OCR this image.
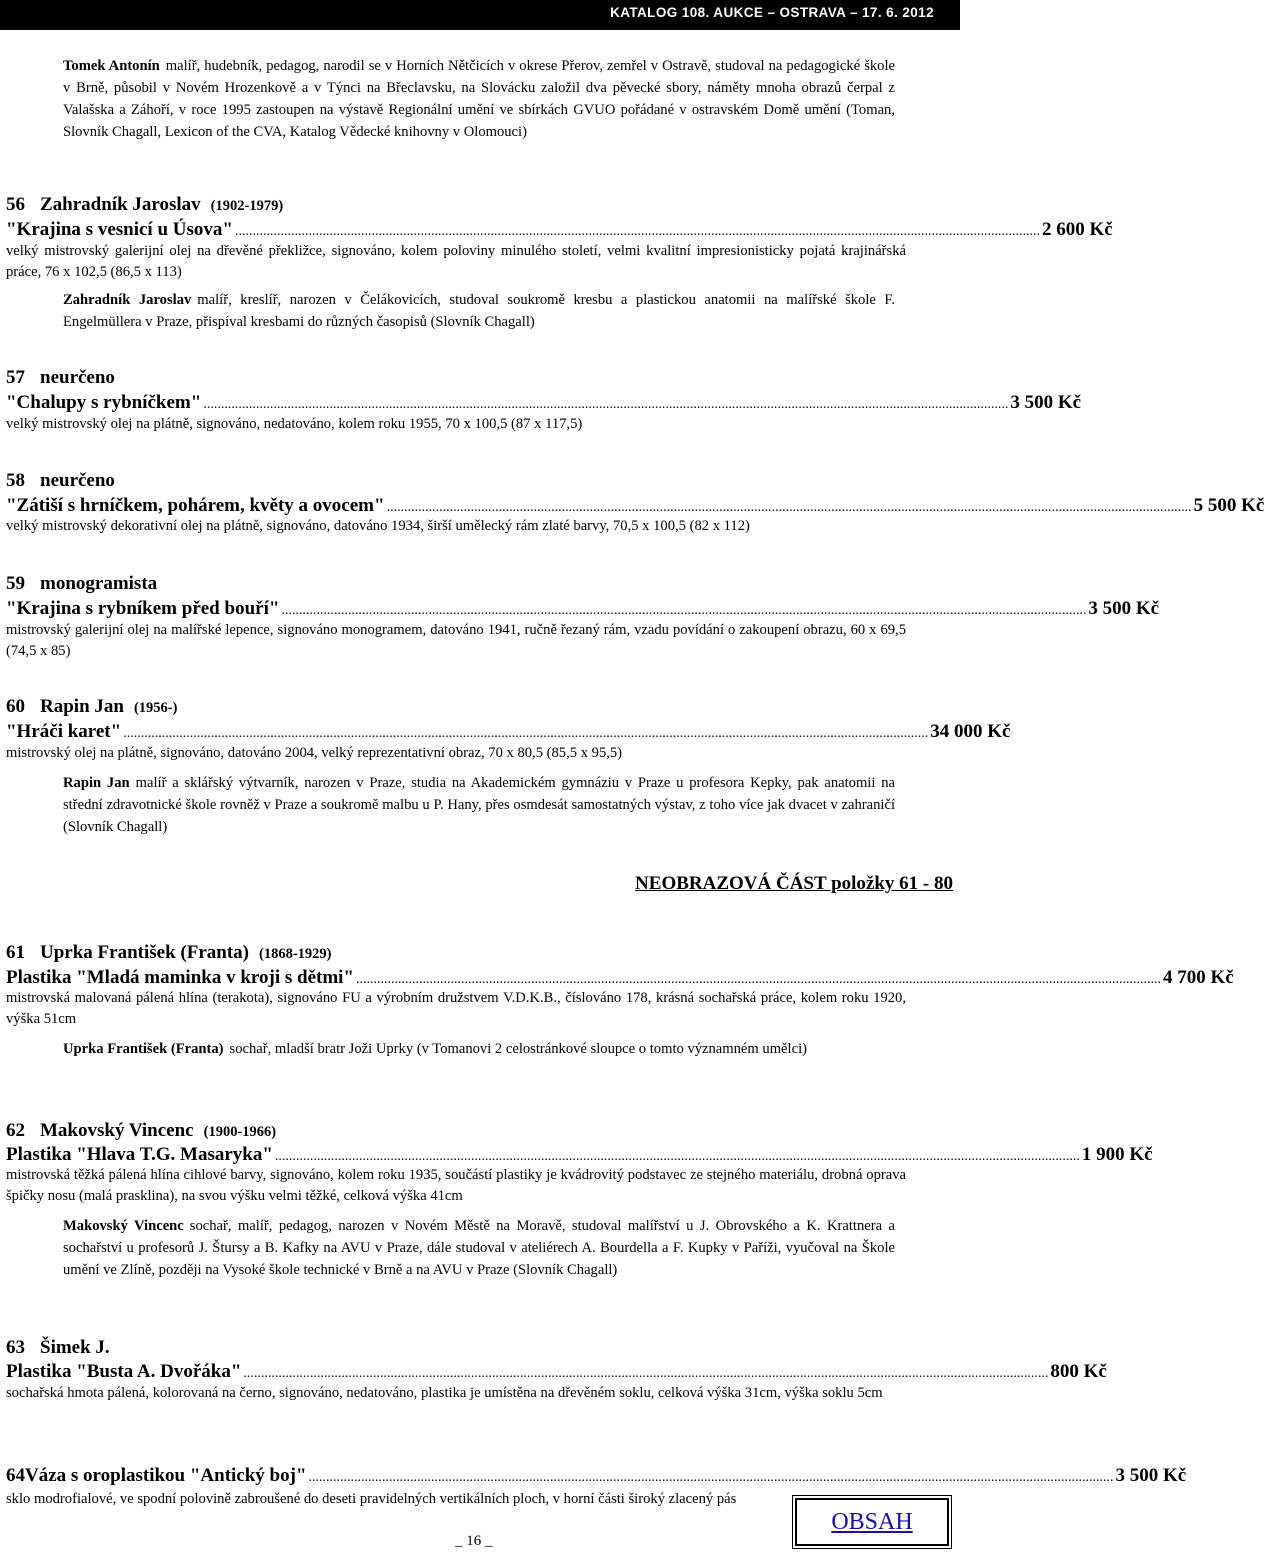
KATALOG 108. AUKCE – OSTRAVA – 17. 6. 2012
Tomek Antonín malíř, hudebník, pedagog, narodil se v Horních Nětčicích v okrese Přerov, zemřel v Ostravě, studoval na pedagogické škole v Brně, působil v Novém Hrozenkově a v Týnci na Břeclavsku, na Slovácku založil dva pěvecké sbory, náměty mnoha obrazů čerpal z Valašska a Záhoří, v roce 1995 zastoupen na výstavě Regionální umění ve sbírkách GVUO pořádané v ostravském Domě umění (Toman, Slovník Chagall, Lexicon of the CVA, Katalog Vědecké knihovny v Olomouci)
56 Zahradník Jaroslav (1902-1979)
"Krajina s vesnicí u Úsova" ...................................................................................................................................................................................................................................... 2 600 Kč
velký mistrovský galerijní olej na dřevěné překližce, signováno, kolem poloviny minulého století, velmi kvalitní impresionisticky pojatá krajinářská práce, 76 x 102,5 (86,5 x 113)
Zahradník Jaroslav malíř, kreslíř, narozen v Čelákovicích, studoval soukromě kresbu a plastickou anatomii na malířské škole F. Engelmüllera v Praze, přispíval kresbami do různých časopisů (Slovník Chagall)
57 neurčeno
"Chalupy s rybníčkem" ...................................................................................................................................................................................................................................... 3 500 Kč
velký mistrovský olej na plátně, signováno, nedatováno, kolem roku 1955, 70 x 100,5 (87 x 117,5)
58 neurčeno
"Zátiší s hrníčkem, pohárem, květy a ovocem" ...................................................................................................................................................................................................................................... 5 500 Kč
velký mistrovský dekorativní olej na plátně, signováno, datováno 1934, širší umělecký rám zlaté barvy, 70,5 x 100,5 (82 x 112)
59 monogramista
"Krajina s rybníkem před bouří" ...................................................................................................................................................................................................................................... 3 500 Kč
mistrovský galerijní olej na malířské lepence, signováno monogramem, datováno 1941, ručně řezaný rám, vzadu povídání o zakoupení obrazu, 60 x 69,5 (74,5 x 85)
60 Rapin Jan (1956-)
"Hráči karet" ...................................................................................................................................................................................................................................... 34 000 Kč
mistrovský olej na plátně, signováno, datováno 2004, velký reprezentativní obraz, 70 x 80,5 (85,5 x 95,5)
Rapin Jan malíř a sklářský výtvarník, narozen v Praze, studia na Akademickém gymnáziu v Praze u profesora Kepky, pak anatomii na střední zdravotnické škole rovněž v Praze a soukromě malbu u P. Hany, přes osmdesát samostatných výstav, z toho více jak dvacet v zahraničí (Slovník Chagall)
NEOBRAZOVÁ ČÁST položky 61 - 80
61 Uprka František (Franta) (1868-1929)
Plastika "Mladá maminka v kroji s dětmi" ...................................................................................................................................................................................................................................... 4 700 Kč
mistrovská malovaná pálená hlína (terakota), signováno FU a výrobním družstvem V.D.K.B., číslováno 178, krásná sochařská práce, kolem roku 1920, výška 51cm
Uprka František (Franta) sochař, mladší bratr Joži Uprky (v Tomanovi 2 celostránkové sloupce o tomto významném umělci)
62 Makovský Vincenc (1900-1966)
Plastika "Hlava T.G. Masaryka" ...................................................................................................................................................................................................................................... 1 900 Kč
mistrovská těžká pálená hlína cihlové barvy, signováno, kolem roku 1935, součástí plastiky je kvádrovitý podstavec ze stejného materiálu, drobná oprava špičky nosu (malá prasklina), na svou výšku velmi těžké, celková výška 41cm
Makovský Vincenc sochař, malíř, pedagog, narozen v Novém Městě na Moravě, studoval malířství u J. Obrovského a K. Krattnera a sochařství u profesorů J. Štursy a B. Kafky na AVU v Praze, dále studoval v ateliérech A. Bourdella a F. Kupky v Paříži, vyučoval na Škole umění ve Zlíně, později na Vysoké škole technické v Brně a na AVU v Praze (Slovník Chagall)
63 Šimek J.
Plastika "Busta A. Dvořáka" ...................................................................................................................................................................................................................................... 800 Kč
sochařská hmota pálená, kolorovaná na černo, signováno, nedatováno, plastika je umístěna na dřevěném soklu, celková výška 31cm, výška soklu 5cm
64 Váza s oroplastikou "Antický boj" ...................................................................................................................................................................................................................................... 3 500 Kč
sklo modrofialové, ve spodní polovině zabroušené do deseti pravidelných vertikálních ploch, v horní části široký zlacený pás
OBSAH
_ 16 _
